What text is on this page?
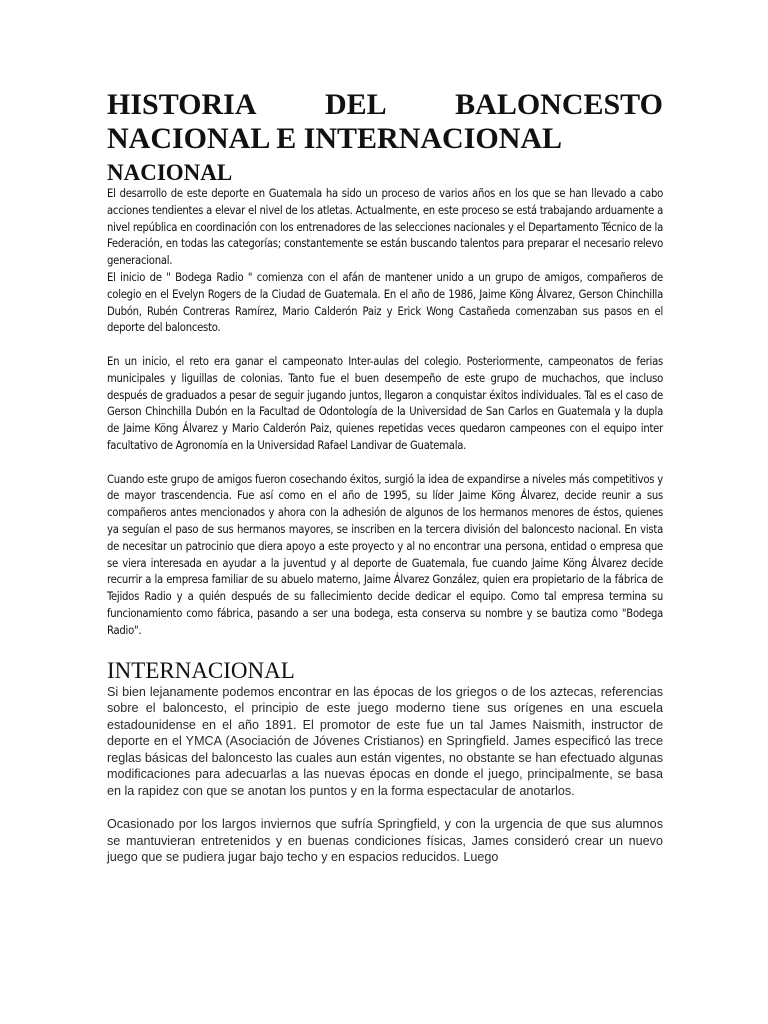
HISTORIA DEL BALONCESTO
NACIONAL E INTERNACIONAL
NACIONAL

El desarrollo de este deporte en Guatemala ha sido un proceso de varios años en los que se han llevado a cabo acciones tendientes a elevar el nivel de los atletas. Actualmente, en este proceso se está trabajando arduamente a nivel república en coordinación con los entrenadores de las selecciones nacionales y el Departamento Técnico de la Federación, en todas las categorías; constantemente se están buscando talentos para preparar el necesario relevo generacional.

El inicio de " Bodega Radio " comienza con el afán de mantener unido a un grupo de amigos, compañeros de colegio en el Evelyn Rogers de la Ciudad de Guatemala. En el año de 1986, Jaime Köng Álvarez, Gerson Chinchilla Dubón, Rubén Contreras Ramírez, Mario Calderón Paiz y Erick Wong Castañeda comenzaban sus pasos en el deporte del baloncesto.

En un inicio, el reto era ganar el campeonato Inter-aulas del colegio. Posteriormente, campeonatos de ferias municipales y liguillas de colonias. Tanto fue el buen desempeño de este grupo de muchachos, que incluso después de graduados a pesar de seguir jugando juntos, llegaron a conquistar éxitos individuales. Tal es el caso de Gerson Chinchilla Dubón en la Facultad de Odontología de la Universidad de San Carlos en Guatemala y la dupla de Jaime Köng Álvarez y Mario Calderón Paiz, quienes repetidas veces quedaron campeones con el equipo inter facultativo de Agronomía en la Universidad Rafael Landivar de Guatemala.

Cuando este grupo de amigos fueron cosechando éxitos, surgió la idea de expandirse a niveles más competitivos y de mayor trascendencia. Fue así como en el año de 1995, su líder Jaime Köng Álvarez, decide reunir a sus compañeros antes mencionados y ahora con la adhesión de algunos de los hermanos menores de éstos, quienes ya seguían el paso de sus hermanos mayores, se inscriben en la tercera división del baloncesto nacional. En vista de necesitar un patrocinio que diera apoyo a este proyecto y al no encontrar una persona, entidad o empresa que se viera interesada en ayudar a la juventud y al deporte de Guatemala, fue cuando Jaime Köng Álvarez decide recurrir a la empresa familiar de su abuelo materno, Jaime Álvarez González, quien era propietario de la fábrica de Tejidos Radio y a quién después de su fallecimiento decide dedicar el equipo. Como tal empresa termina su funcionamiento como fábrica, pasando a ser una bodega, esta conserva su nombre y se bautiza como "Bodega Radio".

INTERNACIONAL

Si bien lejanamente podemos encontrar en las épocas de los griegos o de los aztecas, referencias sobre el baloncesto, el principio de este juego moderno tiene sus orígenes en una escuela estadounidense en el año 1891. El promotor de este fue un tal James Naismith, instructor de deporte en el YMCA (Asociación de Jóvenes Cristianos) en Springfield. James especificó las trece reglas básicas del baloncesto las cuales aun están vigentes, no obstante se han efectuado algunas modificaciones para adecuarlas a las nuevas épocas en donde el juego, principalmente, se basa en la rapidez con que se anotan los puntos y en la forma espectacular de anotarlos.

Ocasionado por los largos inviernos que sufría Springfield, y con la urgencia de que sus alumnos se mantuvieran entretenidos y en buenas condiciones físicas, James consideró crear un nuevo juego que se pudiera jugar bajo techo y en espacios reducidos. Luego
